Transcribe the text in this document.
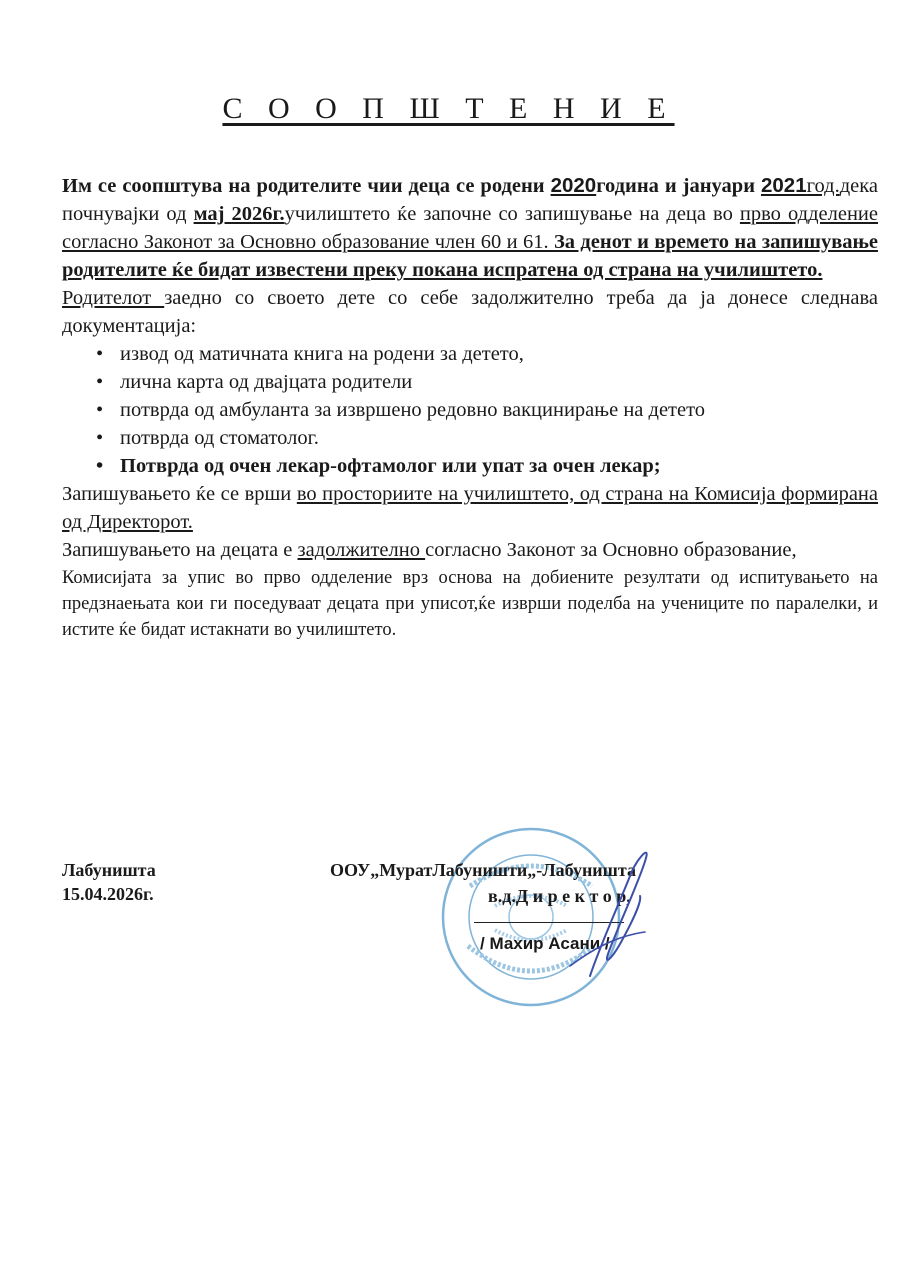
С О О П Ш Т Е Н И Е

Им се соопштува на родителите чии деца се родени 2020година и јануари 2021год.дека почнувајки од мај 2026г.училиштето ќе започне со запишување на деца во прво одделение согласно Законот за Основно образование член 60 и 61. За денот и времето на запишување родителите ќе бидат известени преку покана испратена од страна на училиштето.

Родителот заедно со своето дете со себе задолжително треба да ја донесе следнава документација:

• извод од матичната книга на родени за детето,
• лична карта од двајцата родители
• потврда од амбуланта за извршено редовно вакцинирање на детето
• потврда од стоматолог.
• Потврда од очен лекар-офтамолог или упат за очен лекар;

Запишувањето ќе се врши во просториите на училиштето, од страна на Комисија формирана од Директорот.

Запишувањето на децата е задолжително согласно Законот за Основно образование,

Комисијата за упис во прво одделение врз основа на добиените резултати од испитувањето на предзнаењата кои ги поседуваат децата при уписот,ќе изврши поделба на учениците по паралелки, и истите ќе бидат истакнати во училиштето.

Лабуништа
15.04.2026г.
ООУ„МуратЛабуништи„-Лабуништа
в.д.Д и р е к т о р,
/ Махир Асани /
